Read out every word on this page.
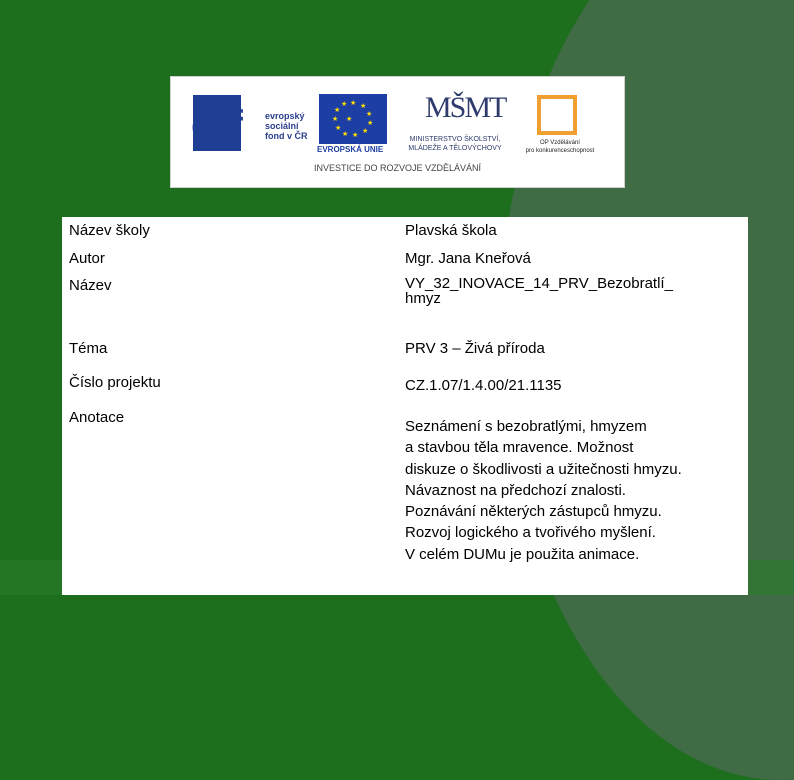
esf	evropský
sociální
fond v ČR
★ ★
★
★
★
★
★
★
★
★
★
★
EVROPSKÁ UNIE
MŠMT
MINISTERSTVO ŠKOLSTVÍ,
MLÁDEŽE A TĚLOVÝCHOVY
OP Vzdělávání
pro konkurenceschopnost
INVESTICE DO ROZVOJE VZDĚLÁVÁNÍ
Název školy	Plavská škola
Autor	Mgr. Jana Kneřová
Název	VY_32_INOVACE_14_PRV_Bezobratlí_
hmyz
Téma	PRV 3 – Živá příroda
Číslo projektu	CZ.1.07/1.4.00/21.1135
Anotace
Seznámení s bezobratlými, hmyzem
a stavbou těla mravence. Možnost
diskuze o škodlivosti a užitečnosti hmyzu.
Návaznost na předchozí znalosti.
Poznávání některých zástupců hmyzu.
Rozvoj logického a tvořivého myšlení.
V celém DUMu je použita animace.
